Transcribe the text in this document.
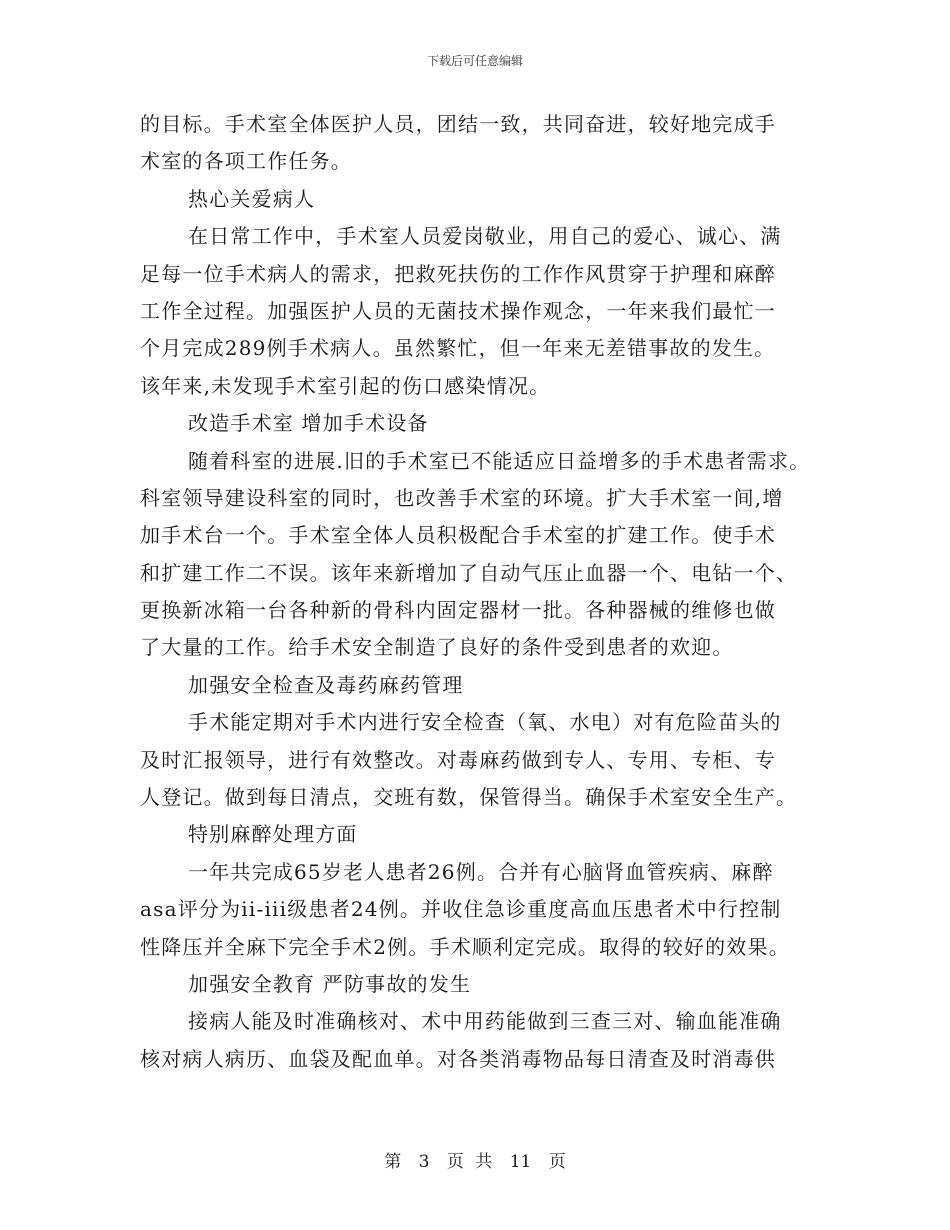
下载后可任意编辑
的目标。手术室全体医护人员，团结一致，共同奋进，较好地完成手
术室的各项工作任务。
热心关爱病人
在日常工作中，手术室人员爱岗敬业，用自己的爱心、诚心、满
足每一位手术病人的需求，把救死扶伤的工作作风贯穿于护理和麻醉
工作全过程。加强医护人员的无菌技术操作观念，一年来我们最忙一
个月完成289例手术病人。虽然繁忙，但一年来无差错事故的发生。
该年来,未发现手术室引起的伤口感染情况。
改造手术室 增加手术设备
随着科室的进展.旧的手术室已不能适应日益增多的手术患者需求。
科室领导建设科室的同时，也改善手术室的环境。扩大手术室一间,增
加手术台一个。手术室全体人员积极配合手术室的扩建工作。使手术
和扩建工作二不误。该年来新增加了自动气压止血器一个、电钻一个、
更换新冰箱一台各种新的骨科内固定器材一批。各种器械的维修也做
了大量的工作。给手术安全制造了良好的条件受到患者的欢迎。
加强安全检查及毒药麻药管理
手术能定期对手术内进行安全检查（氧、水电）对有危险苗头的
及时汇报领导，进行有效整改。对毒麻药做到专人、专用、专柜、专
人登记。做到每日清点，交班有数，保管得当。确保手术室安全生产。
特别麻醉处理方面
一年共完成65岁老人患者26例。合并有心脑肾血管疾病、麻醉
asa评分为ii-iii级患者24例。并收住急诊重度高血压患者术中行控制
性降压并全麻下完全手术2例。手术顺利定完成。取得的较好的效果。
加强安全教育 严防事故的发生
接病人能及时准确核对、术中用药能做到三查三对、输血能准确
核对病人病历、血袋及配血单。对各类消毒物品每日清查及时消毒供
第 3 页 共 11 页
